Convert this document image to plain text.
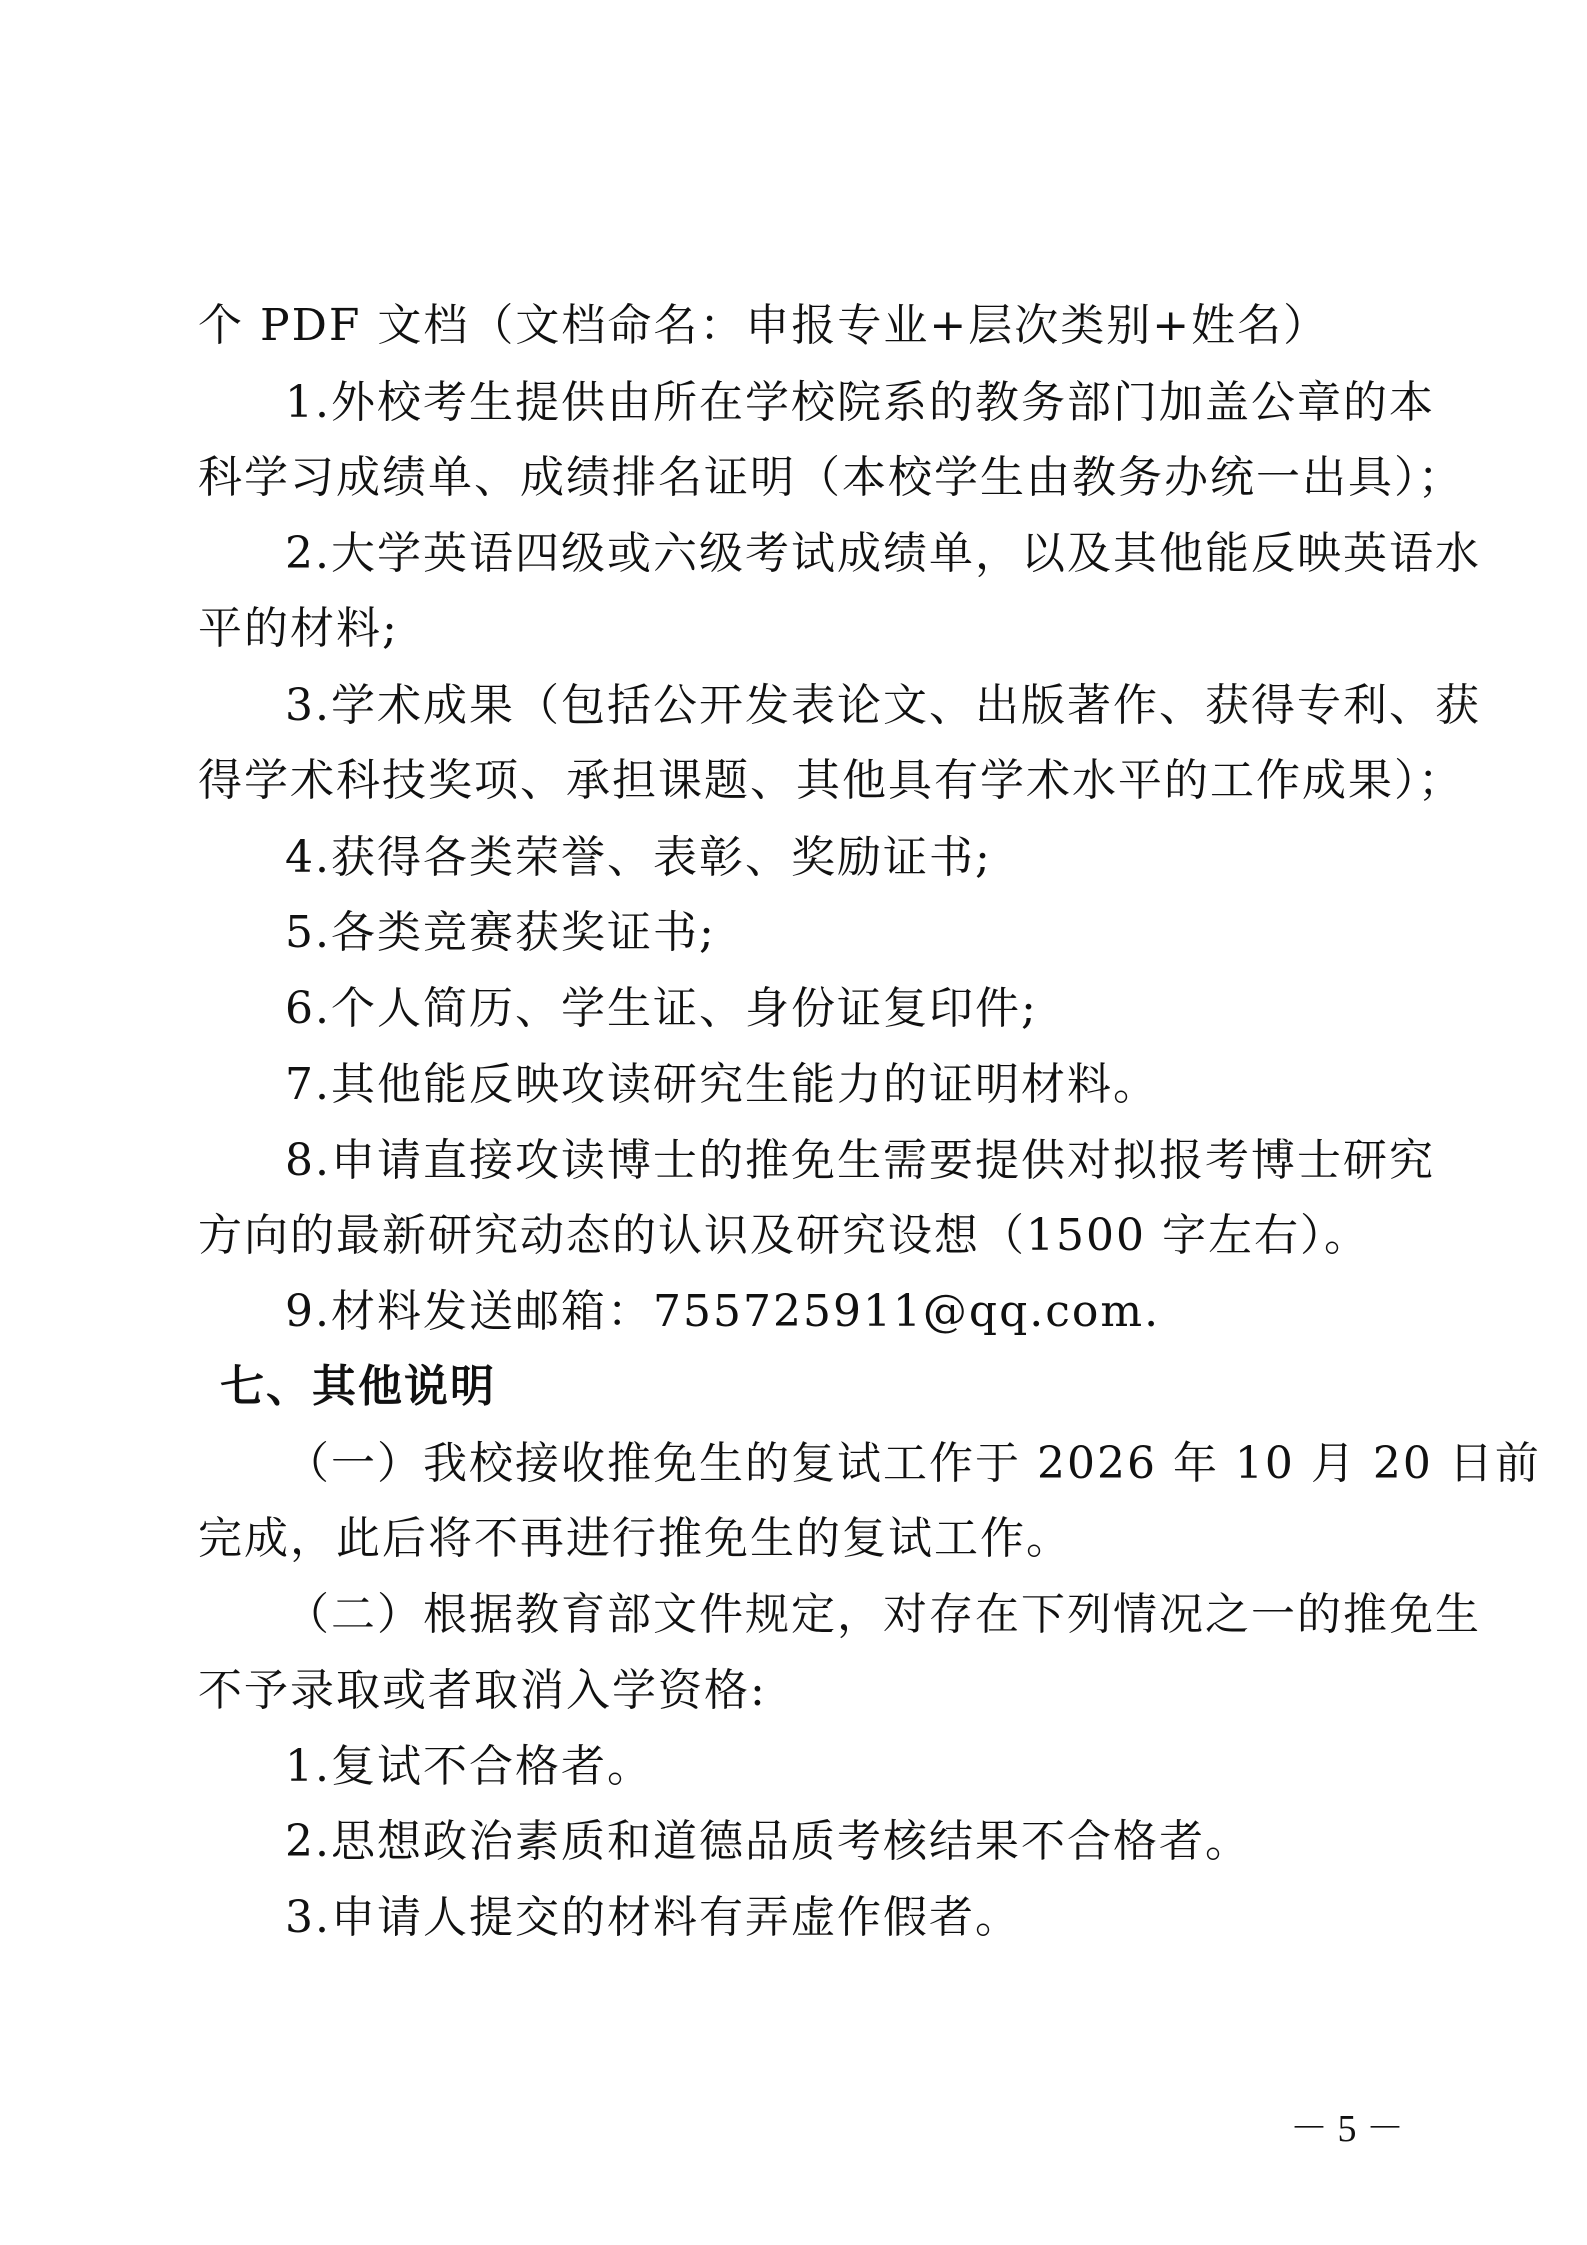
个 PDF 文档（文档命名：申报专业+层次类别+姓名）
1.外校考生提供由所在学校院系的教务部门加盖公章的本
科学习成绩单、成绩排名证明（本校学生由教务办统一出具）；
2.大学英语四级或六级考试成绩单，以及其他能反映英语水
平的材料;
3.学术成果（包括公开发表论文、出版著作、获得专利、获
得学术科技奖项、承担课题、其他具有学术水平的工作成果）；
4.获得各类荣誉、表彰、奖励证书;
5.各类竞赛获奖证书;
6.个人简历、学生证、身份证复印件;
7.其他能反映攻读研究生能力的证明材料。
8.申请直接攻读博士的推免生需要提供对拟报考博士研究
方向的最新研究动态的认识及研究设想（1500 字左右）。
9.材料发送邮箱：755725911@qq.com.
七、其他说明
（一）我校接收推免生的复试工作于 2026 年 10 月 20 日前
完成，此后将不再进行推免生的复试工作。
（二）根据教育部文件规定，对存在下列情况之一的推免生
不予录取或者取消入学资格:
1.复试不合格者。
2.思想政治素质和道德品质考核结果不合格者。
3.申请人提交的材料有弄虚作假者。
－ 5 －
